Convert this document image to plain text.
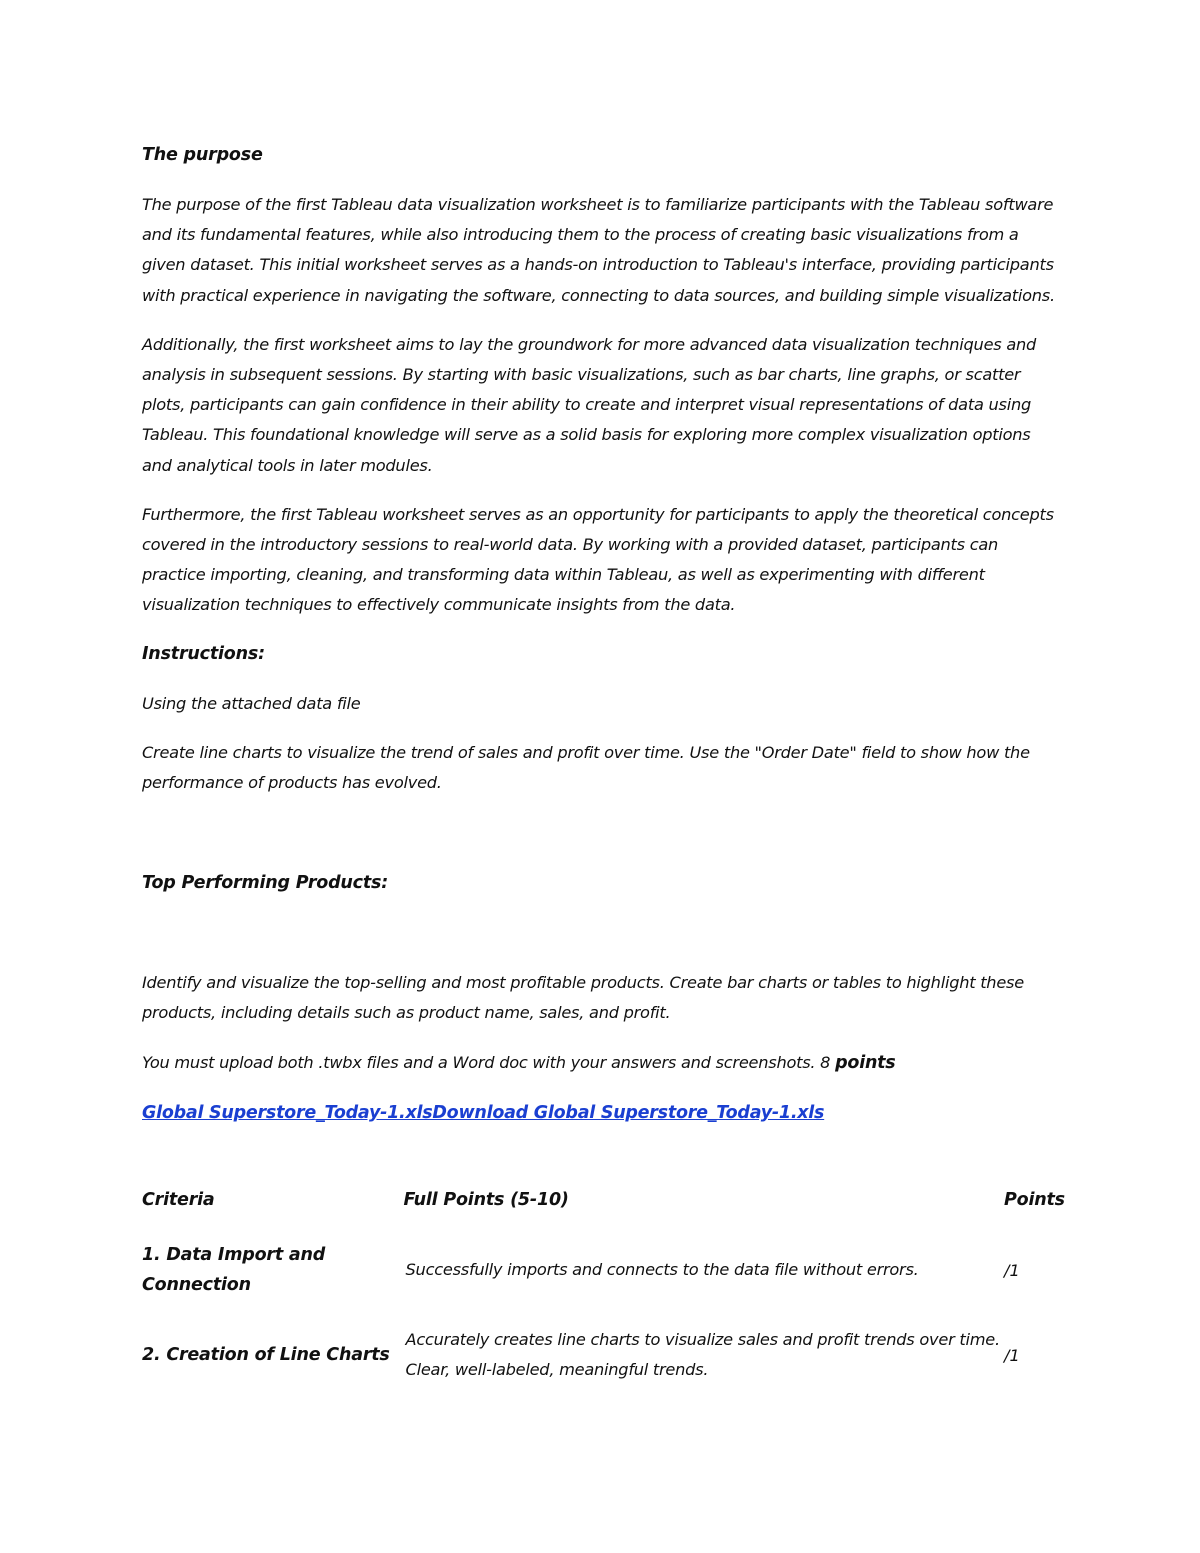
The purpose

The purpose of the first Tableau data visualization worksheet is to familiarize participants with the Tableau software and its fundamental features, while also introducing them to the process of creating basic visualizations from a given dataset. This initial worksheet serves as a hands-on introduction to Tableau's interface, providing participants with practical experience in navigating the software, connecting to data sources, and building simple visualizations.

Additionally, the first worksheet aims to lay the groundwork for more advanced data visualization techniques and analysis in subsequent sessions. By starting with basic visualizations, such as bar charts, line graphs, or scatter plots, participants can gain confidence in their ability to create and interpret visual representations of data using Tableau. This foundational knowledge will serve as a solid basis for exploring more complex visualization options and analytical tools in later modules.

Furthermore, the first Tableau worksheet serves as an opportunity for participants to apply the theoretical concepts covered in the introductory sessions to real-world data. By working with a provided dataset, participants can practice importing, cleaning, and transforming data within Tableau, as well as experimenting with different visualization techniques to effectively communicate insights from the data.

Instructions:

Using the attached data file

Create line charts to visualize the trend of sales and profit over time. Use the "Order Date" field to show how the performance of products has evolved.

Top Performing Products:

Identify and visualize the top-selling and most profitable products. Create bar charts or tables to highlight these products, including details such as product name, sales, and profit.

You must upload both .twbx files and a Word doc with your answers and screenshots. 8 points

Global Superstore_Today-1.xlsDownload Global Superstore_Today-1.xls

Criteria	Full Points (5-10)	Points
1. Data Import and Connection	Successfully imports and connects to the data file without errors.	/1
2. Creation of Line Charts	Accurately creates line charts to visualize sales and profit trends over time. Clear, well-labeled, meaningful trends.	/1
